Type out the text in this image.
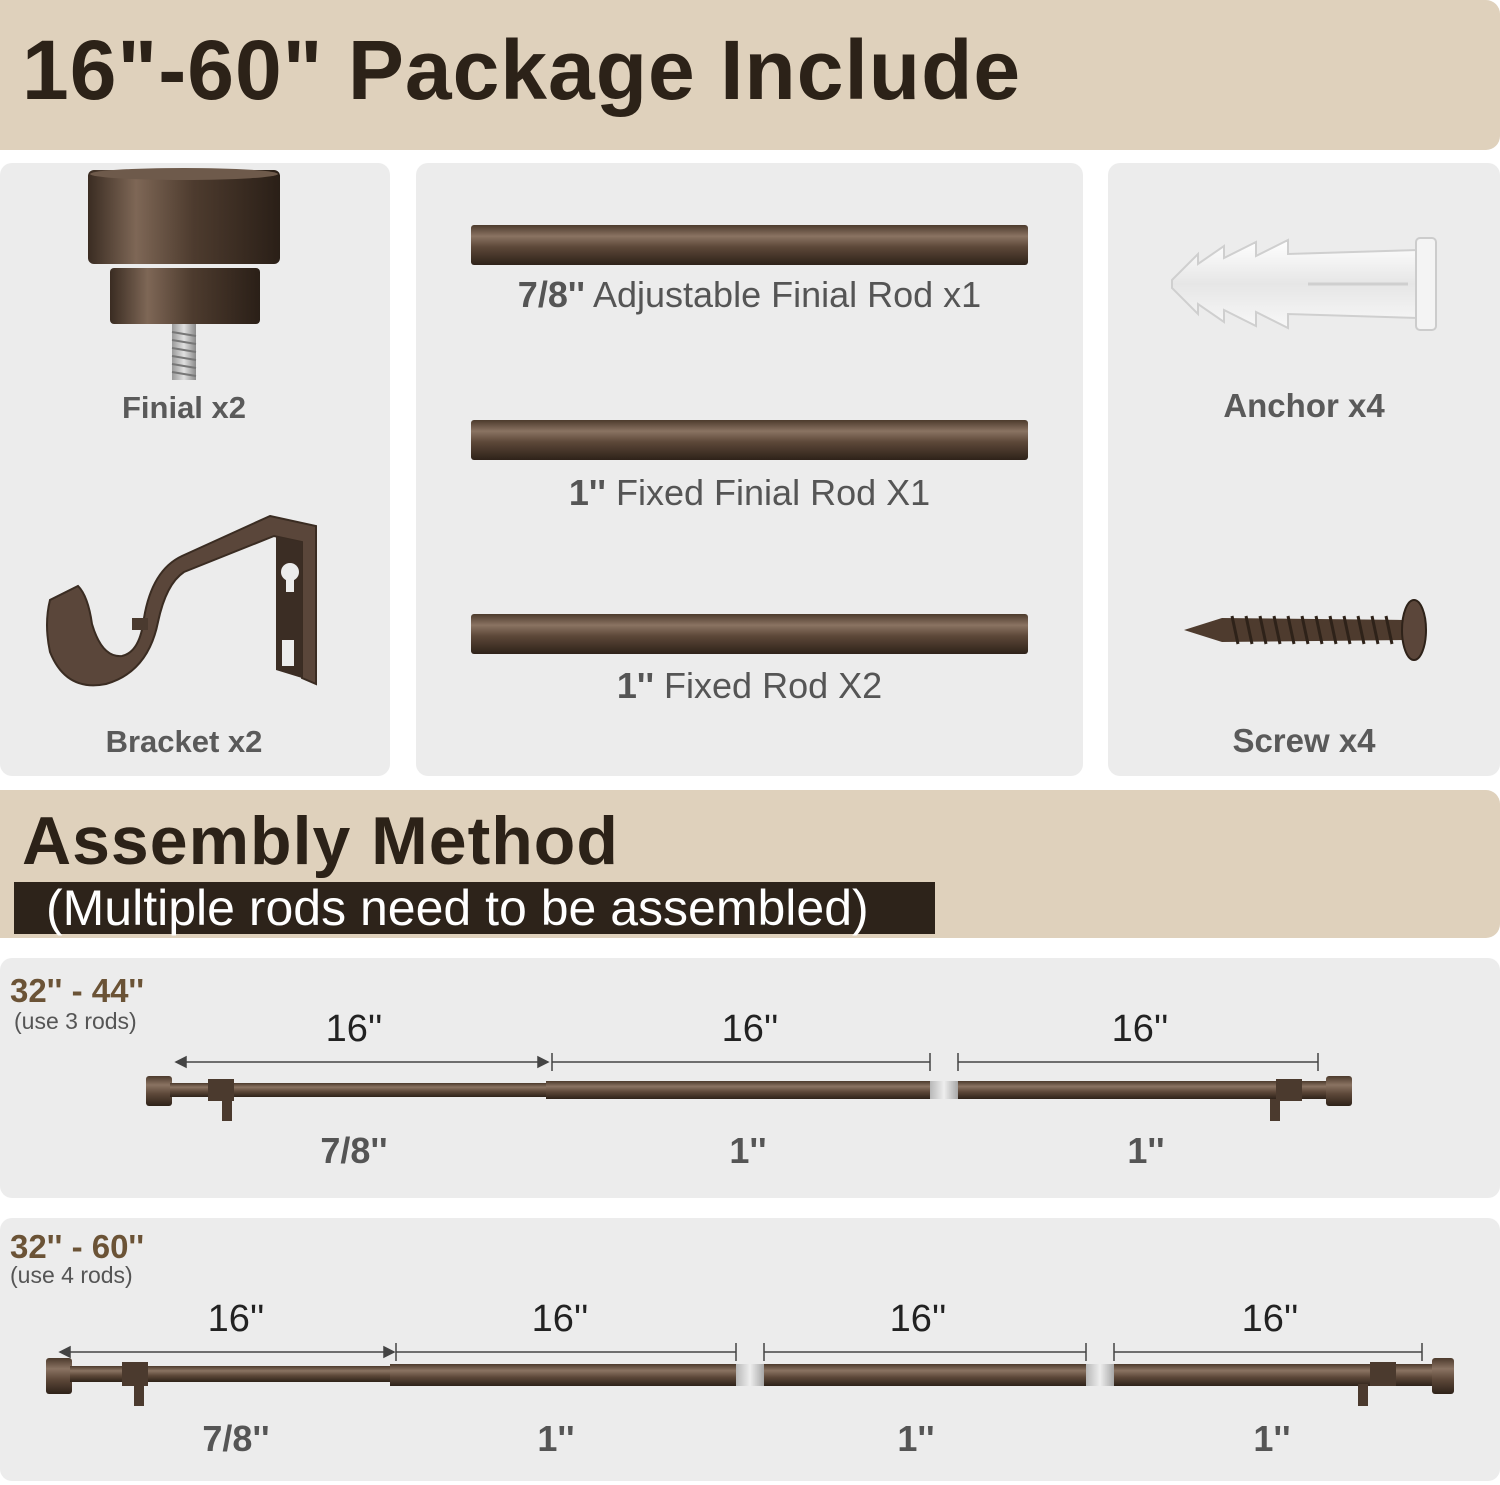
16"-60" Package Include
Finial x2
Bracket x2
Anchor x4
Screw x4
7/8'' Adjustable Finial Rod x1
1'' Fixed Finial Rod X1
1'' Fixed Rod X2
Assembly Method
(Multiple rods need to be assembled)
32'' - 44''
(use 3 rods)	16''	16''	16''
7/8''	1''	1''
32'' - 60''
(use 4 rods)
16''	16''	16''	16''
7/8''	1''	1''	1''
